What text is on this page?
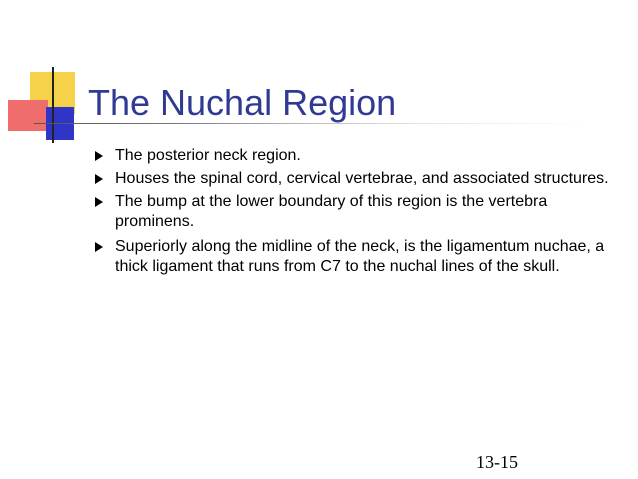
The Nuchal Region
The posterior neck region.
Houses the spinal cord, cervical vertebrae, and associated structures.
The bump at the lower boundary of this region is the vertebra prominens.
Superiorly along the midline of the neck, is the ligamentum nuchae, a thick ligament that runs from C7 to the nuchal lines of the skull.
13-15
